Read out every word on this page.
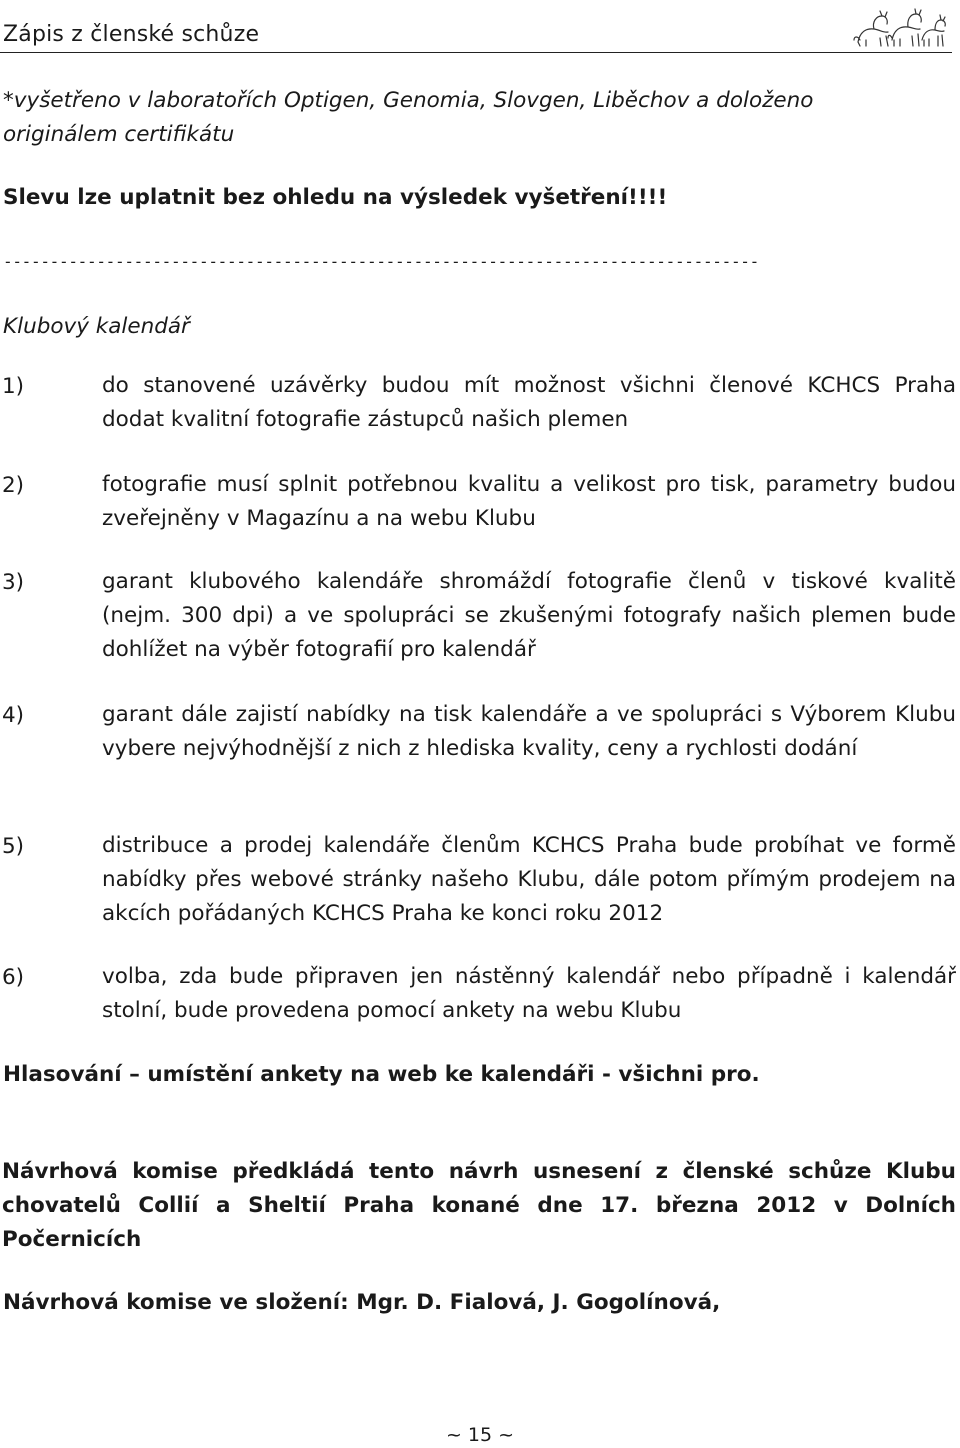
Zápis z členské schůze
*vyšetřeno v laboratořích Optigen, Genomia, Slovgen, Liběchov a doloženo
originálem certifikátu
Slevu lze uplatnit bez ohledu na výsledek vyšetření!!!!
---------------------------------------------------------------------------------
Klubový kalendář
1)	do stanovené uzávěrky budou mít možnost všichni členové KCHCS Praha dodat kvalitní fotografie zástupců našich plemen
2)	fotografie musí splnit potřebnou kvalitu a velikost pro tisk, parametry budou zveřejněny v Magazínu a na webu Klubu
3)	garant klubového kalendáře shromáždí fotografie členů v tiskové kvalitě (nejm. 300 dpi) a ve spolupráci se zkušenými fotografy našich plemen bude dohlížet na výběr fotografií pro kalendář
4)	garant dále zajistí nabídky na tisk kalendáře a ve spolupráci s Výborem Klubu vybere nejvýhodnější z nich z hlediska kvality, ceny a rychlosti dodání
5)	distribuce a prodej kalendáře členům KCHCS Praha bude probíhat ve formě nabídky přes webové stránky našeho Klubu, dále potom přímým prodejem na akcích pořádaných KCHCS Praha ke konci roku 2012
6)	volba, zda bude připraven jen nástěnný kalendář nebo případně i kalendář stolní, bude provedena pomocí ankety na webu Klubu
Hlasování – umístění ankety na web ke kalendáři - všichni pro.
Návrhová komise předkládá tento návrh usnesení z členské schůze Klubu chovatelů Collií a Sheltií Praha konané dne 17. března 2012 v Dolních Počernicích
Návrhová komise ve složení: Mgr. D. Fialová, J. Gogolínová,
~ 15 ~
